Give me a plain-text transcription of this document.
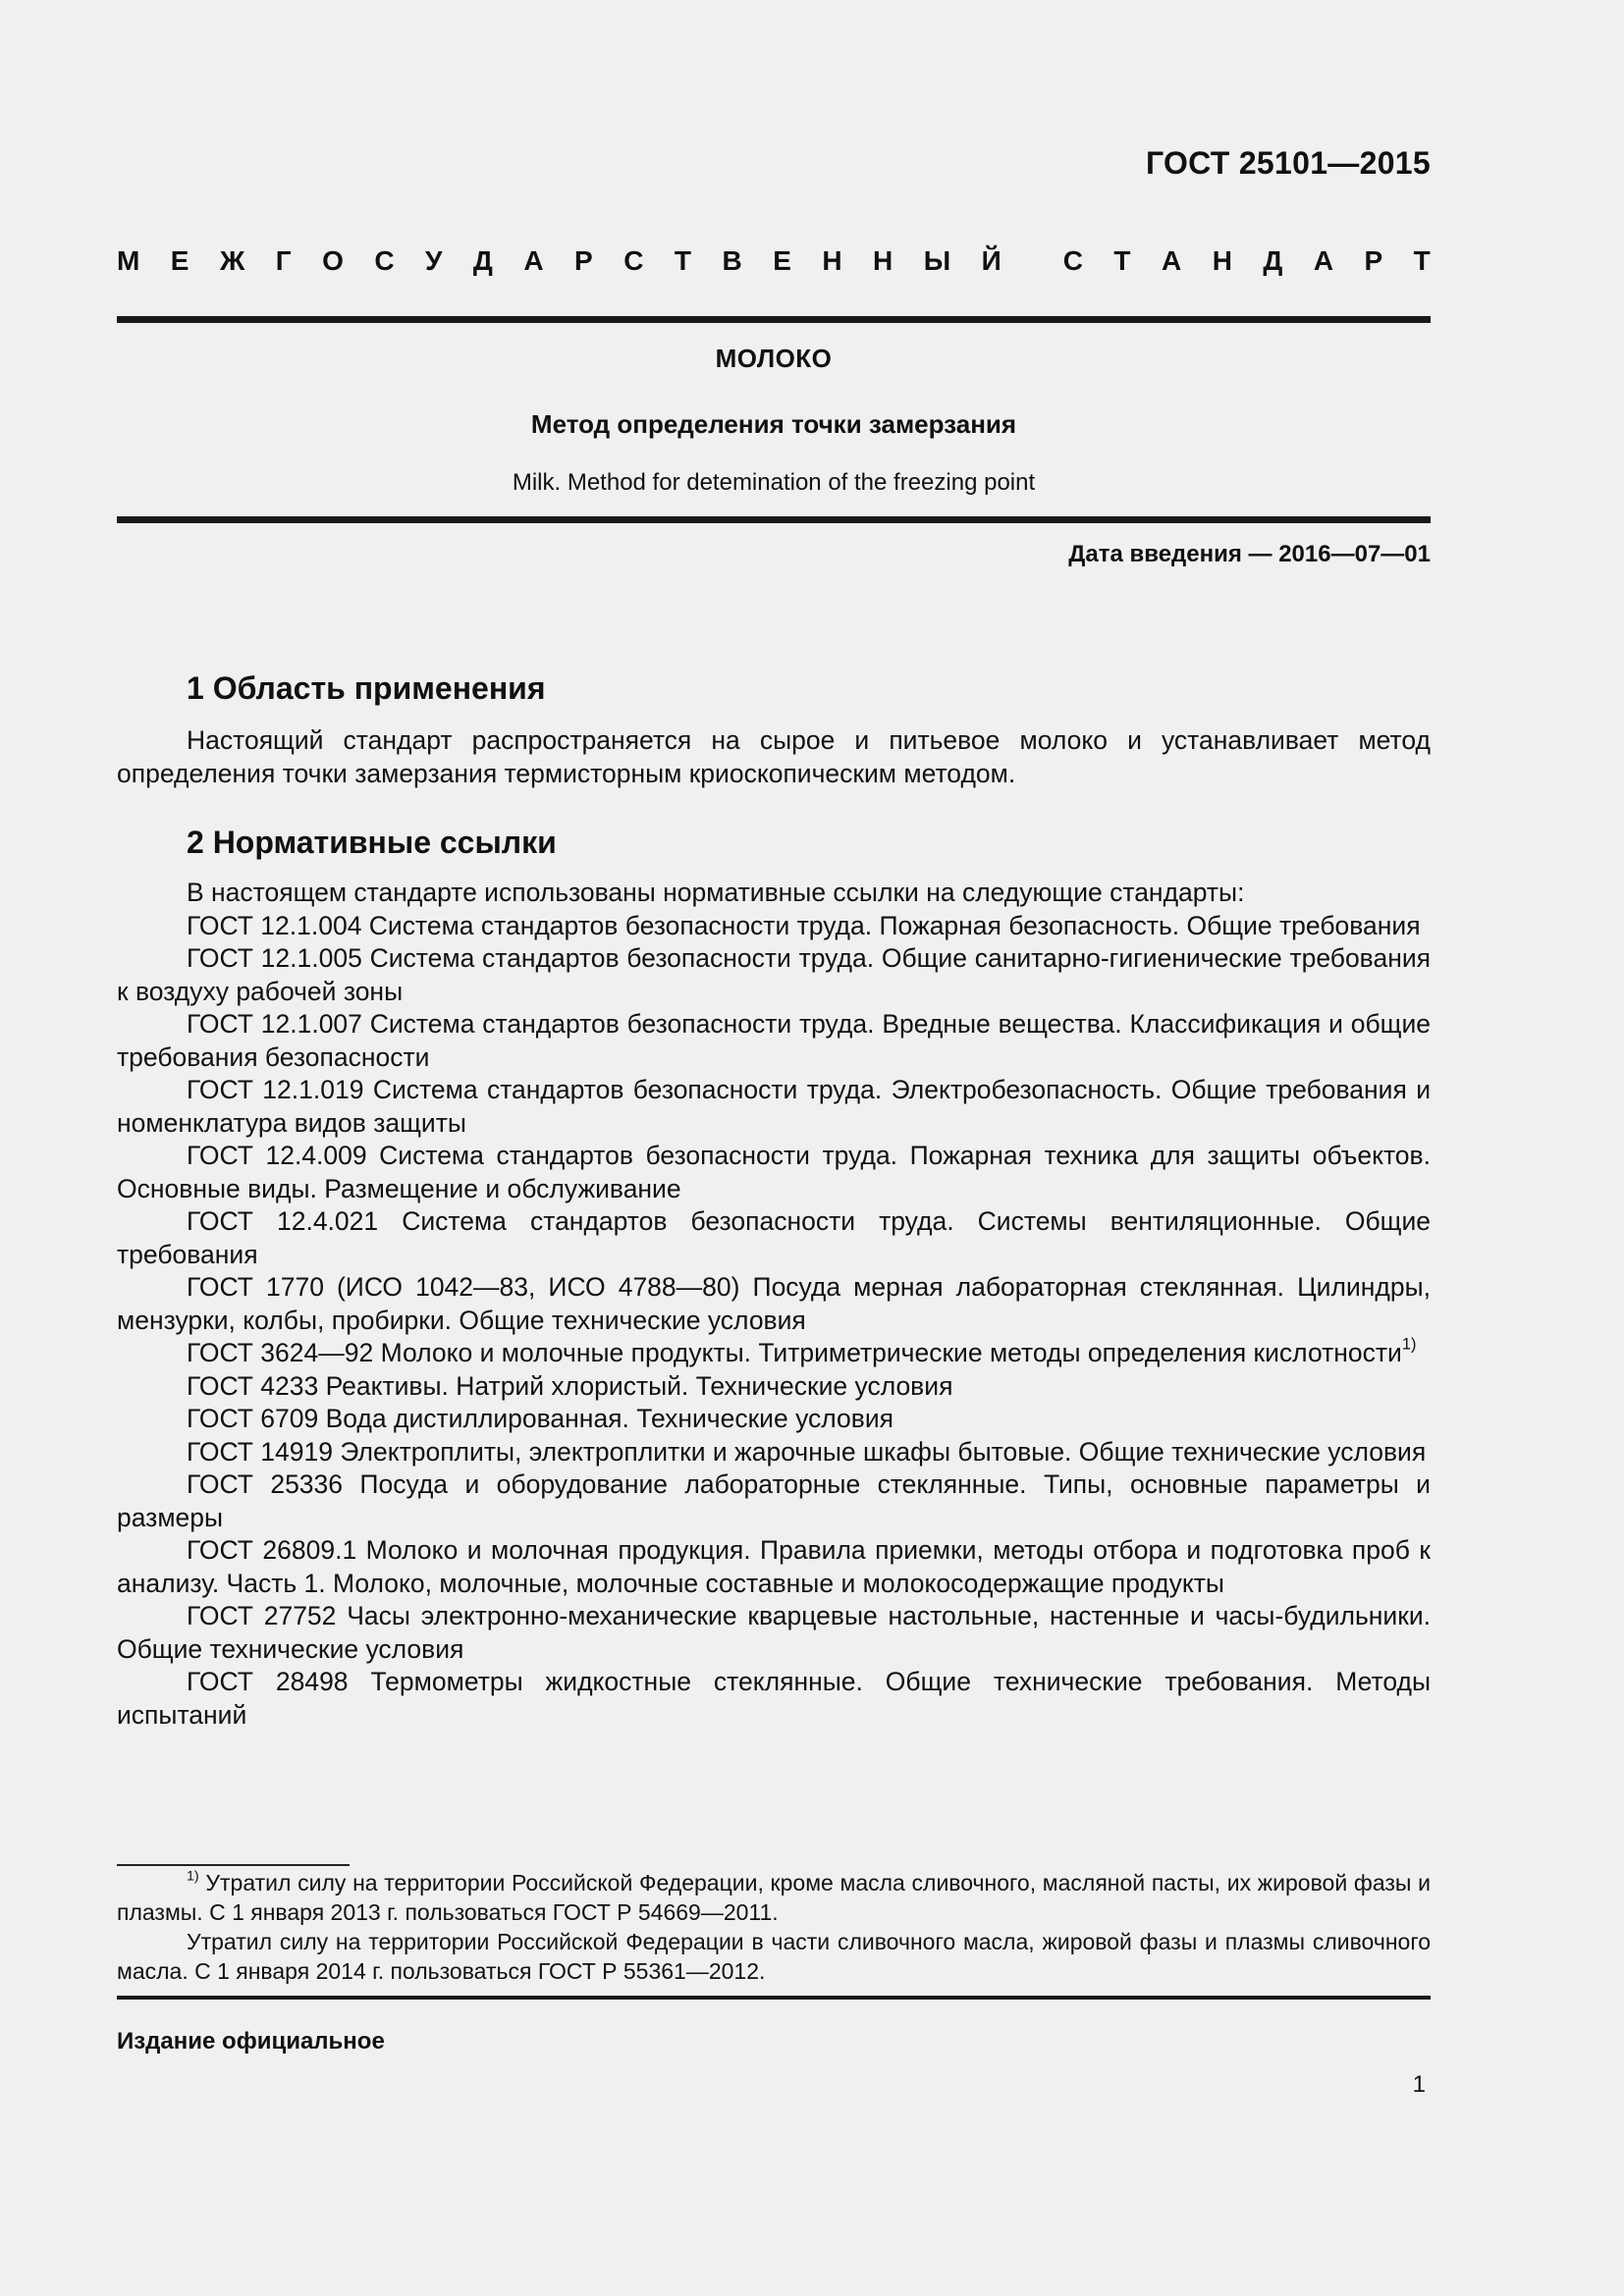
ГОСТ 25101—2015
М Е Ж Г О С У Д А Р С Т В Е Н Н Ы Й С Т А Н Д А Р Т
МОЛОКО
Метод определения точки замерзания
Milk. Method for detemination of the freezing point
Дата введения — 2016—07—01
1 Область применения

Настоящий стандарт распространяется на сырое и питьевое молоко и устанавливает метод определения точки замерзания термисторным криоскопическим методом.

2 Нормативные ссылки

В настоящем стандарте использованы нормативные ссылки на следующие стандарты:

ГОСТ 12.1.004 Система стандартов безопасности труда. Пожарная безопасность. Общие требования

ГОСТ 12.1.005 Система стандартов безопасности труда. Общие санитарно-гигиенические требования к воздуху рабочей зоны

ГОСТ 12.1.007 Система стандартов безопасности труда. Вредные вещества. Классификация и общие требования безопасности

ГОСТ 12.1.019 Система стандартов безопасности труда. Электробезопасность. Общие требования и номенклатура видов защиты

ГОСТ 12.4.009 Система стандартов безопасности труда. Пожарная техника для защиты объектов. Основные виды. Размещение и обслуживание

ГОСТ 12.4.021 Система стандартов безопасности труда. Системы вентиляционные. Общие требования

ГОСТ 1770 (ИСО 1042—83, ИСО 4788—80) Посуда мерная лабораторная стеклянная. Цилиндры, мензурки, колбы, пробирки. Общие технические условия

ГОСТ 3624—92 Молоко и молочные продукты. Титриметрические методы определения кислотности$^{1)}$

ГОСТ 4233 Реактивы. Натрий хлористый. Технические условия

ГОСТ 6709 Вода дистиллированная. Технические условия

ГОСТ 14919 Электроплиты, электроплитки и жарочные шкафы бытовые. Общие технические условия

ГОСТ 25336 Посуда и оборудование лабораторные стеклянные. Типы, основные параметры и размеры

ГОСТ 26809.1 Молоко и молочная продукция. Правила приемки, методы отбора и подготовка проб к анализу. Часть 1. Молоко, молочные, молочные составные и молокосодержащие продукты

ГОСТ 27752 Часы электронно-механические кварцевые настольные, настенные и часы-будильники. Общие технические условия

ГОСТ 28498 Термометры жидкостные стеклянные. Общие технические требования. Методы испытаний

$^{1)}$ Утратил силу на территории Российской Федерации, кроме масла сливочного, масляной пасты, их жировой фазы и плазмы. С 1 января 2013 г. пользоваться ГОСТ Р 54669—2011.

Утратил силу на территории Российской Федерации в части сливочного масла, жировой фазы и плазмы сливочного масла. С 1 января 2014 г. пользоваться ГОСТ Р 55361—2012.

Издание официальное
1
